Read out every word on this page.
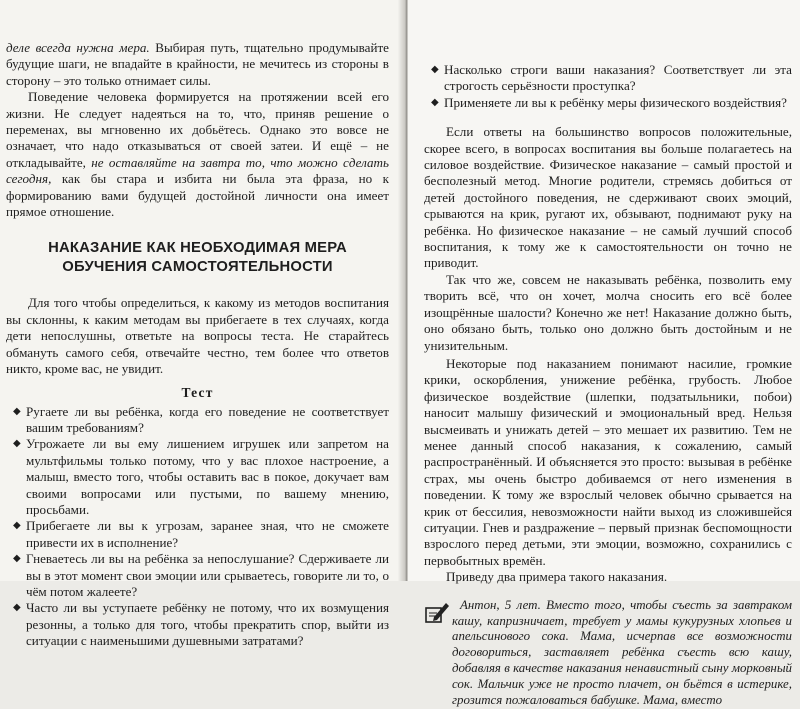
деле всегда нужна мера. Выбирая путь, тщательно продумывайте будущие шаги, не впадайте в крайности, не мечитесь из стороны в сторону – это только отнимает силы.

Поведение человека формируется на протяжении всей его жизни. Не следует надеяться на то, что, приняв решение о переменах, вы мгновенно их добьётесь. Однако это вовсе не означает, что надо отказываться от своей затеи. И ещё – не откладывайте, не оставляйте на завтра то, что можно сделать сегодня, как бы стара и избита ни была эта фраза, но к формированию вами будущей достойной личности она имеет прямое отношение.

НАКАЗАНИЕ КАК НЕОБХОДИМАЯ МЕРА ОБУЧЕНИЯ САМОСТОЯТЕЛЬНОСТИ

Для того чтобы определиться, к какому из методов воспитания вы склонны, к каким методам вы прибегаете в тех случаях, когда дети непослушны, ответьте на вопросы теста. Не старайтесь обмануть самого себя, отвечайте честно, тем более что ответов никто, кроме вас, не увидит.

Тест

◆ Ругаете ли вы ребёнка, когда его поведение не соответствует вашим требованиям?

◆ Угрожаете ли вы ему лишением игрушек или запретом на мультфильмы только потому, что у вас плохое настроение, а малыш, вместо того, чтобы оставить вас в покое, докучает вам своими вопросами или пустыми, по вашему мнению, просьбами.

◆ Прибегаете ли вы к угрозам, заранее зная, что не сможете привести их в исполнение?

◆ Гневаетесь ли вы на ребёнка за непослушание? Сдерживаете ли вы в этот момент свои эмоции или срываетесь, говорите ли то, о чём потом жалеете?

◆ Часто ли вы уступаете ребёнку не потому, что их возмущения резонны, а только для того, чтобы прекратить спор, выйти из ситуации с наименьшими душевными затратами?

◆ Насколько строги ваши наказания? Соответствует ли эта строгость серьёзности проступка?

◆ Применяете ли вы к ребёнку меры физического воздействия?

Если ответы на большинство вопросов положительные, скорее всего, в вопросах воспитания вы больше полагаетесь на силовое воздействие. Физическое наказание – самый простой и бесполезный метод. Многие родители, стремясь добиться от детей достойного поведения, не сдерживают своих эмоций, срываются на крик, ругают их, обзывают, поднимают руку на ребёнка. Но физическое наказание – не самый лучший способ воспитания, к тому же к самостоятельности он точно не приводит.

Так что же, совсем не наказывать ребёнка, позволить ему творить всё, что он хочет, молча сносить его всё более изощрённые шалости? Конечно же нет! Наказание должно быть, оно обязано быть, только оно должно быть достойным и не унизительным.

Некоторые под наказанием понимают насилие, громкие крики, оскорбления, унижение ребёнка, грубость. Любое физическое воздействие (шлепки, подзатыльники, побои) наносит малышу физический и эмоциональный вред. Нельзя высмеивать и унижать детей – это мешает их развитию. Тем не менее данный способ наказания, к сожалению, самый распространённый. И объясняется это просто: вызывая в ребёнке страх, мы очень быстро добиваемся от него изменения в поведении. К тому же взрослый человек обычно срывается на крик от бессилия, невозможности найти выход из сложившейся ситуации. Гнев и раздражение – первый признак беспомощности взрослого перед детьми, эти эмоции, возможно, сохранились с первобытных времён.

Приведу два примера такого наказания.

Антон, 5 лет. Вместо того, чтобы съесть за завтраком кашу, капризничает, требует у мамы кукурузных хлопьев и апельсинового сока. Мама, исчерпав все возможности договориться, заставляет ребёнка съесть всю кашу, добавляя в качестве наказания ненавистный сыну морковный сок. Мальчик уже не просто плачет, он бьётся в истерике, грозится пожаловаться бабушке. Мама, вместо
